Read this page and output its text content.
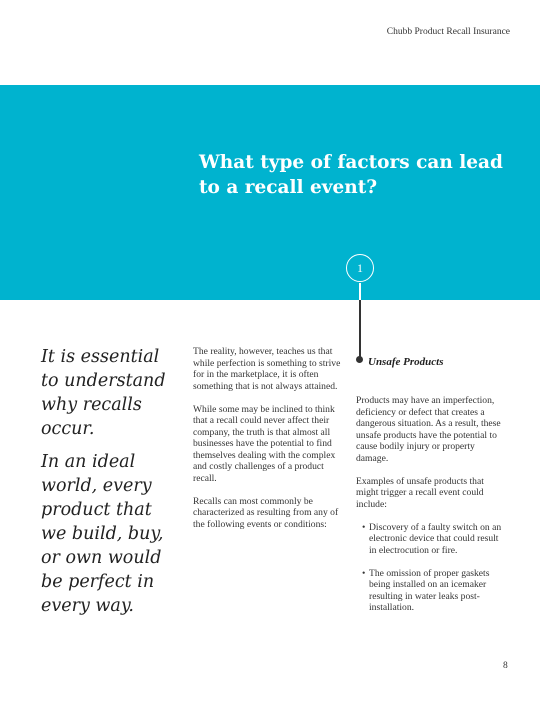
Chubb Product Recall Insurance
What type of factors can lead to a recall event?
1

It is essential to understand why recalls occur.

In an ideal world, every product that we build, buy, or own would be perfect in every way.

The reality, however, teaches us that while perfection is something to strive for in the marketplace, it is often something that is not always attained.

While some may be inclined to think that a recall could never affect their company, the truth is that almost all businesses have the potential to find themselves dealing with the complex and costly challenges of a product recall.

Recalls can most commonly be characterized as resulting from any of the following events or conditions:

Unsafe Products

Products may have an imperfection, deficiency or defect that creates a dangerous situation. As a result, these unsafe products have the potential to cause bodily injury or property damage.

Examples of unsafe products that might trigger a recall event could include:

• Discovery of a faulty switch on an electronic device that could result in electrocution or fire.
• The omission of proper gaskets being installed on an icemaker resulting in water leaks post-installation.
8
